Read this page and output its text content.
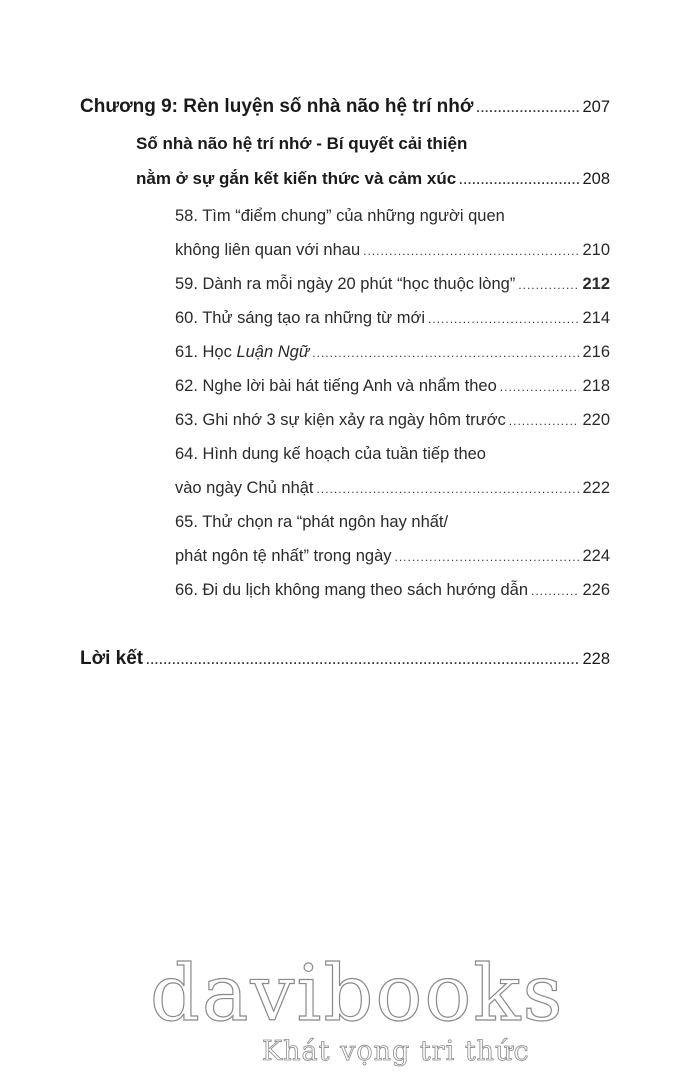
Chương 9: Rèn luyện số nhà não hệ trí nhớ .....	207
Số nhà não hệ trí nhớ - Bí quyết cải thiện
nằm ở sự gắn kết kiến thức và cảm xúc .....	208
58. Tìm “điểm chung” của những người quen
không liên quan với nhau .....	210
59. Dành ra mỗi ngày 20 phút “học thuộc lòng” .....	212
60. Thử sáng tạo ra những từ mới .....	214
61. Học Luận Ngữ .....	216
62. Nghe lời bài hát tiếng Anh và nhẩm theo .....	218
63. Ghi nhớ 3 sự kiện xảy ra ngày hôm trước .....	220
64. Hình dung kế hoạch của tuần tiếp theo
vào ngày Chủ nhật .....	222
65. Thử chọn ra “phát ngôn hay nhất/
phát ngôn tệ nhất” trong ngày .....	224
66. Đi du lịch không mang theo sách hướng dẫn .....	226
Lời kết .....	228
davibooks
Khát vọng tri thức
